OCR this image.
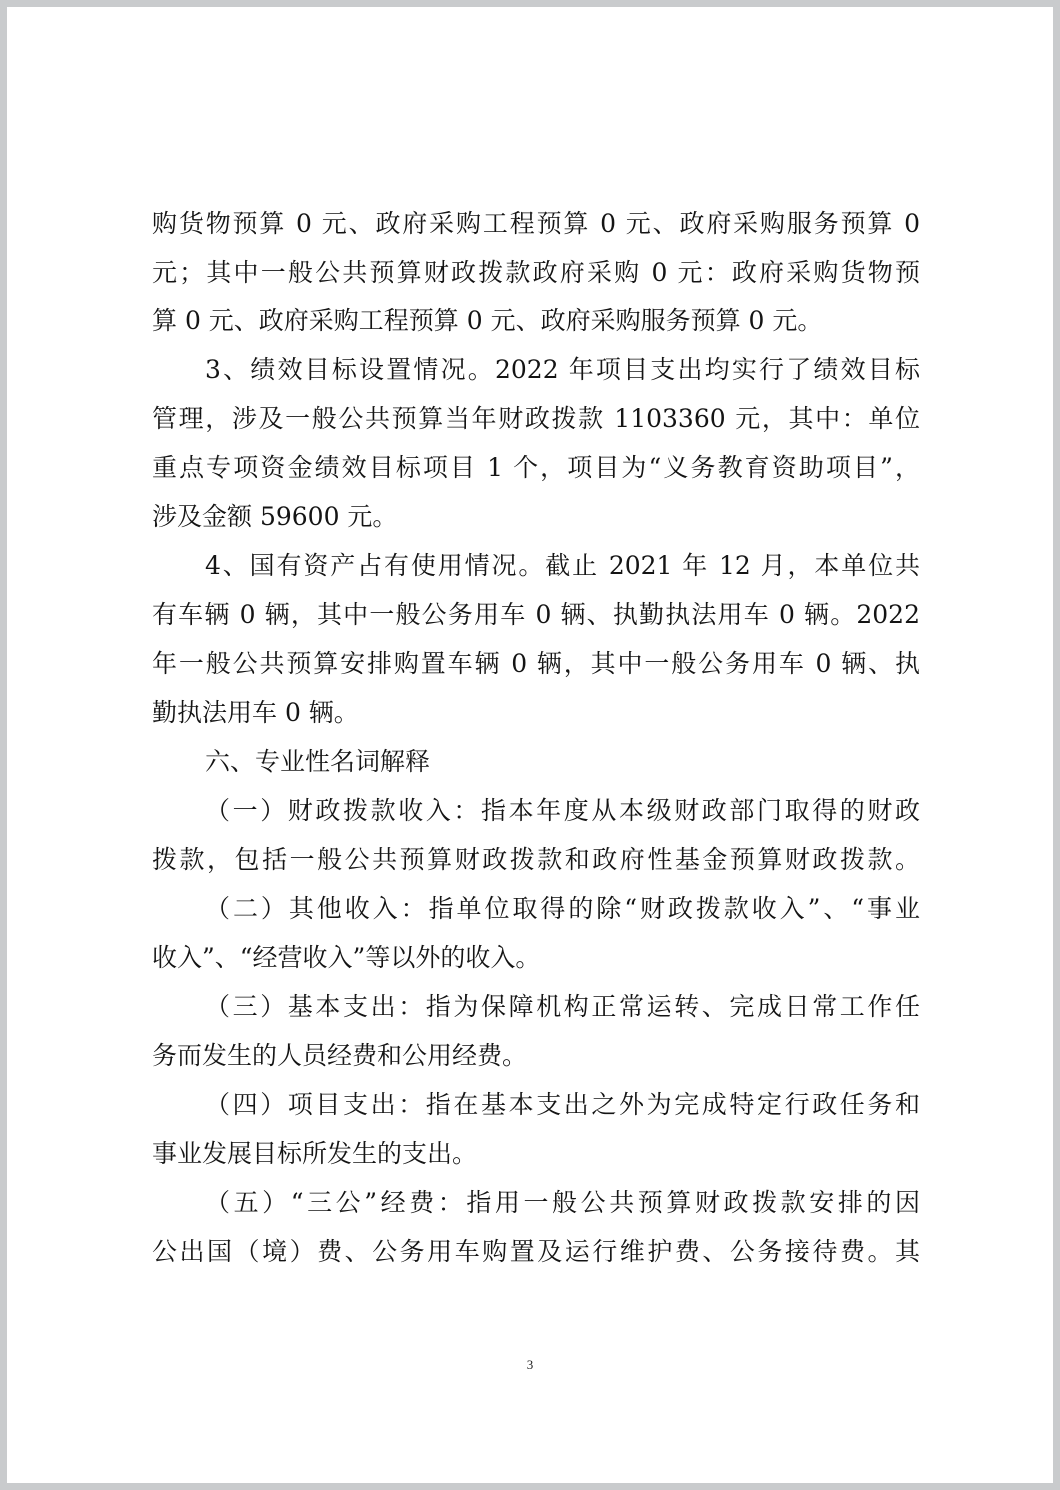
购货物预算 0 元、政府采购工程预算 0 元、政府采购服务预算 0
元；其中一般公共预算财政拨款政府采购 0 元：政府采购货物预
算 0 元、政府采购工程预算 0 元、政府采购服务预算 0 元。
3、绩效目标设置情况。2022 年项目支出均实行了绩效目标
管理，涉及一般公共预算当年财政拨款 1103360 元，其中：单位
重点专项资金绩效目标项目 1 个，项目为“义务教育资助项目”，
涉及金额 59600 元。
4、国有资产占有使用情况。截止 2021 年 12 月，本单位共
有车辆 0 辆，其中一般公务用车 0 辆、执勤执法用车 0 辆。2022
年一般公共预算安排购置车辆 0 辆，其中一般公务用车 0 辆、执
勤执法用车 0 辆。
六、专业性名词解释
（一）财政拨款收入：指本年度从本级财政部门取得的财政
拨款，包括一般公共预算财政拨款和政府性基金预算财政拨款。
（二）其他收入：指单位取得的除“财政拨款收入”、“事业
收入”、“经营收入”等以外的收入。
（三）基本支出：指为保障机构正常运转、完成日常工作任
务而发生的人员经费和公用经费。
（四）项目支出：指在基本支出之外为完成特定行政任务和
事业发展目标所发生的支出。
（五）“三公”经费：指用一般公共预算财政拨款安排的因
公出国（境）费、公务用车购置及运行维护费、公务接待费。其
3
